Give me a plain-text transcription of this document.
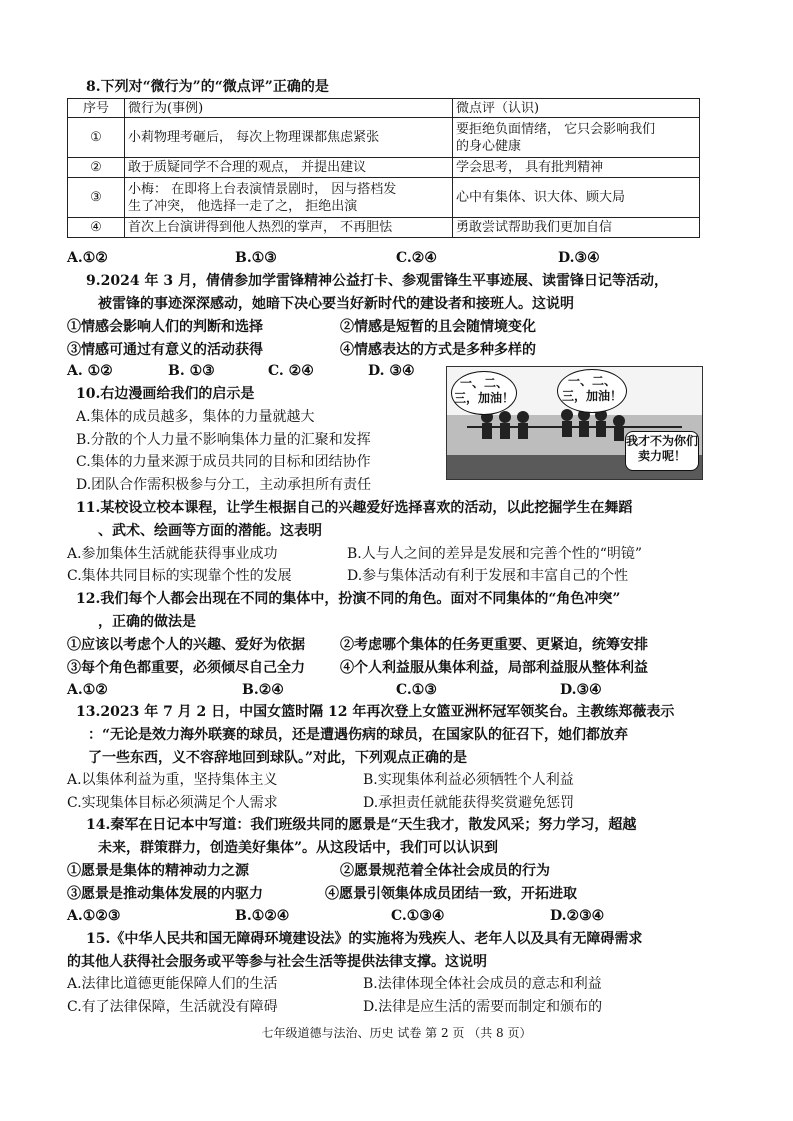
8.下列对“微行为”的“微点评”正确的是
序号	微行为(事例)	微点评（认识)
①	小莉物理考砸后， 每次上物理课都焦虑紧张	要拒绝负面情绪， 它只会影响我们
的身心健康

②	敢于质疑同学不合理的观点， 并提出建议	学会思考， 具有批判精神
③	小梅： 在即将上台表演情景剧时， 因与搭档发
生了冲突， 他选择一走了之， 拒绝出演	心中有集体、识大体、顾大局
④	首次上台演讲得到他人热烈的掌声， 不再胆怯	勇敢尝试帮助我们更加自信
A.①②	B.①③	C.②④	D.③④
9.2024 年 3 月，倩倩参加学雷锋精神公益打卡、参观雷锋生平事迹展、读雷锋日记等活动，
被雷锋的事迹深深感动，她暗下决心要当好新时代的建设者和接班人。这说明
①情感会影响人们的判断和选择	②情感是短暂的且会随情境变化
③情感可通过有意义的活动获得	④情感表达的方式是多种多样的
A. ①②	B. ①③	C. ②④	D. ③④
10.右边漫画给我们的启示是
A.集体的成员越多，集体的力量就越大
B.分散的个人力量不影响集体力量的汇聚和发挥
C.集体的力量来源于成员共同的目标和团结协作
D.团队合作需积极参与分工，主动承担所有责任
一、二、三，加油！
一、二、三，加油！
我才不为你们卖力呢！
11.某校设立校本课程，让学生根据自己的兴趣爱好选择喜欢的活动，以此挖掘学生在舞蹈
、武术、绘画等方面的潜能。这表明
A.参加集体生活就能获得事业成功	B.人与人之间的差异是发展和完善个性的“明镜”
C.集体共同目标的实现靠个性的发展	D.参与集体活动有利于发展和丰富自己的个性
12.我们每个人都会出现在不同的集体中，扮演不同的角色。面对不同集体的“角色冲突”
，正确的做法是
①应该以考虑个人的兴趣、爱好为依据	②考虑哪个集体的任务更重要、更紧迫，统筹安排
③每个角色都重要，必须倾尽自己全力	④个人利益服从集体利益，局部利益服从整体利益
A.①②	B.②④	C.①③	D.③④
13.2023 年 7 月 2 日，中国女篮时隔 12 年再次登上女篮亚洲杯冠军领奖台。主教练郑薇表示
：“无论是效力海外联赛的球员，还是遭遇伤病的球员，在国家队的征召下，她们都放弃
了一些东西，义不容辞地回到球队。”对此，下列观点正确的是
A.以集体利益为重，坚持集体主义	B.实现集体利益必须牺牲个人利益
C.实现集体目标必须满足个人需求	D.承担责任就能获得奖赏避免惩罚
14.秦军在日记本中写道：我们班级共同的愿景是“天生我才，散发风采；努力学习，超越
未来，群策群力，创造美好集体”。从这段话中，我们可以认识到
①愿景是集体的精神动力之源	②愿景规范着全体社会成员的行为
③愿景是推动集体发展的内驱力	④愿景引领集体成员团结一致，开拓进取
A.①②③	B.①②④	C.①③④	D.②③④
15.《中华人民共和国无障碍环境建设法》的实施将为残疾人、老年人以及具有无障碍需求
的其他人获得社会服务或平等参与社会生活等提供法律支撑。这说明
A.法律比道德更能保障人们的生活	B.法律体现全体社会成员的意志和利益
C.有了法律保障，生活就没有障碍	D.法律是应生活的需要而制定和颁布的
七年级道德与法治、历史 试卷 第 2 页 （共 8 页）
